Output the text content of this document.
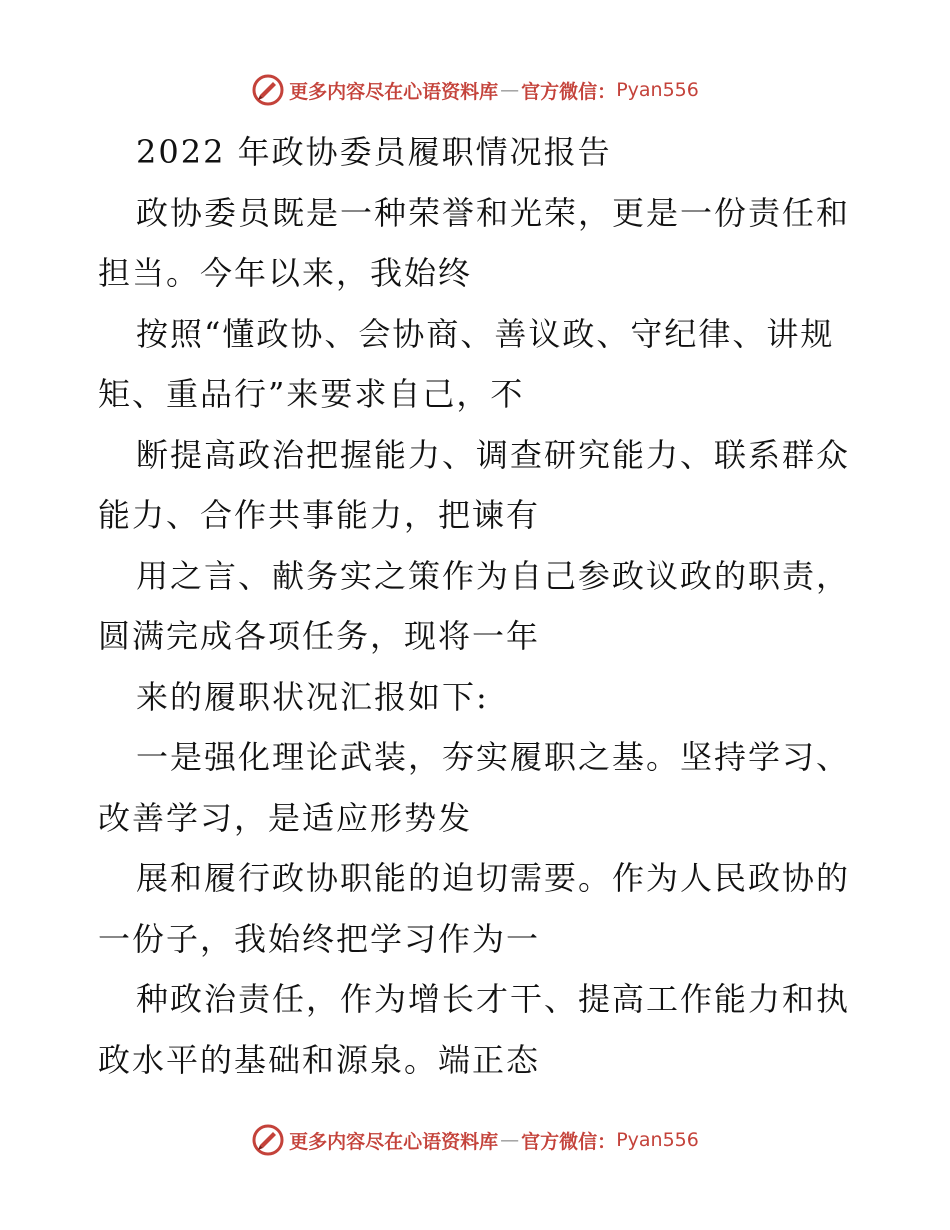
更多内容尽在心语资料库 — 官方微信： Pyan556
2022 年政协委员履职情况报告
政协委员既是一种荣誉和光荣，更是一份责任和
担当。今年以来，我始终
按照“懂政协、会协商、善议政、守纪律、讲规
矩、重品行”来要求自己，不
断提高政治把握能力、调查研究能力、联系群众
能力、合作共事能力，把谏有
用之言、献务实之策作为自己参政议政的职责，
圆满完成各项任务，现将一年
来的履职状况汇报如下:
一是强化理论武装，夯实履职之基。坚持学习、
改善学习，是适应形势发
展和履行政协职能的迫切需要。作为人民政协的
一份子，我始终把学习作为一
种政治责任，作为增长才干、提高工作能力和执
政水平的基础和源泉。端正态
更多内容尽在心语资料库 — 官方微信： Pyan556
